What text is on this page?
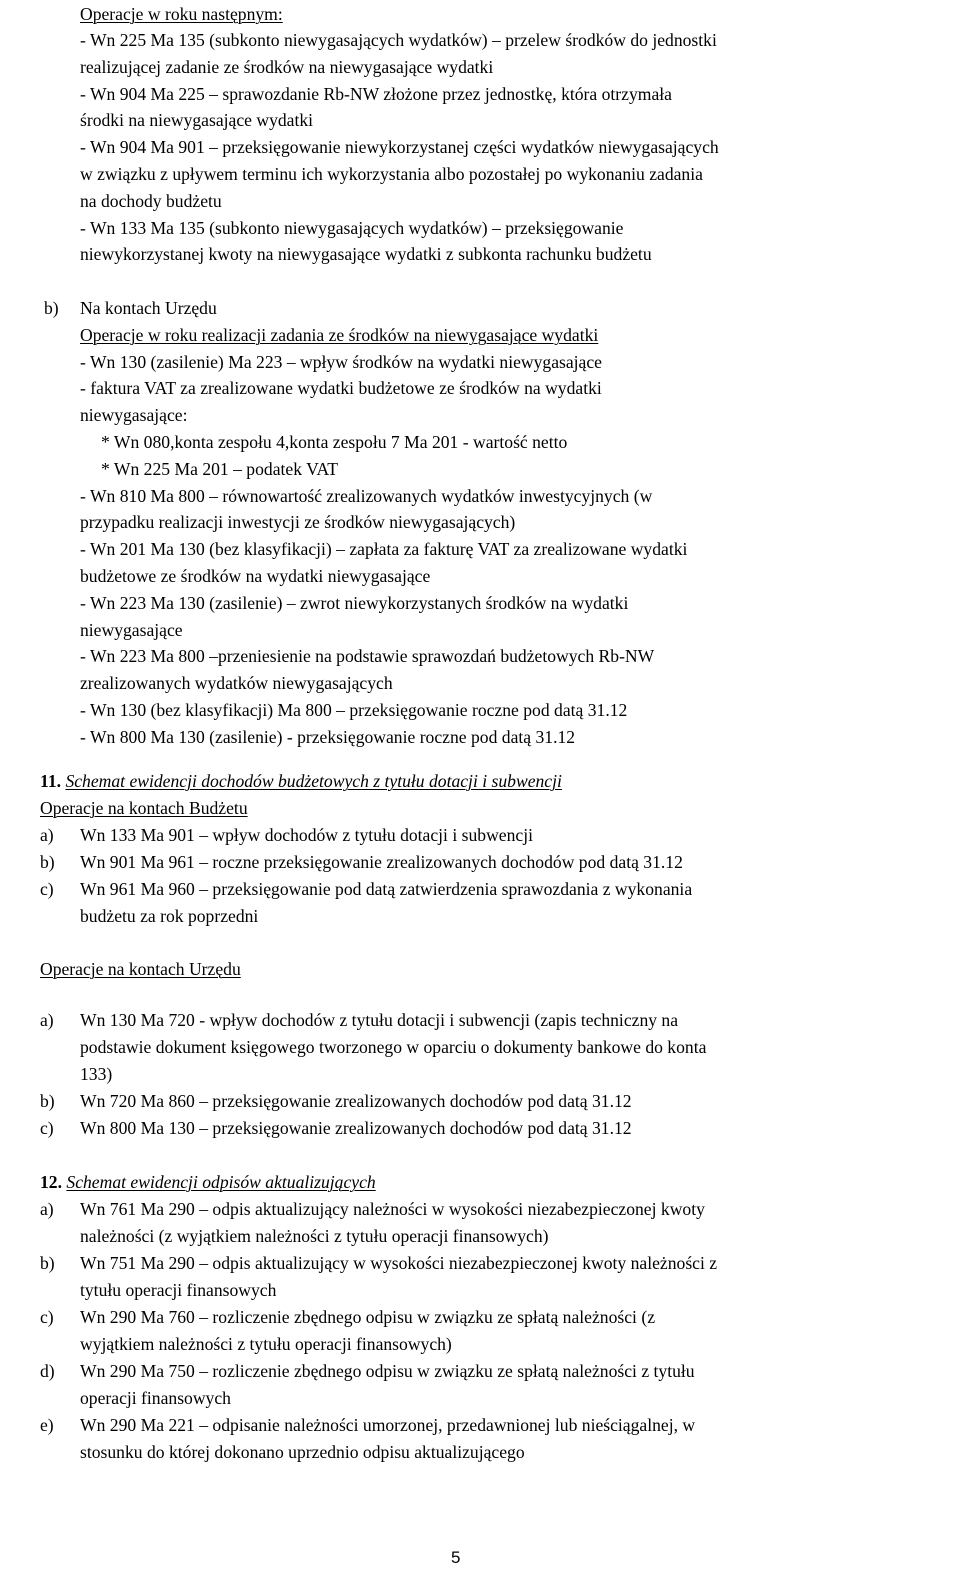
Operacje w roku następnym:
- Wn 225 Ma 135 (subkonto niewygasających wydatków) – przelew środków do jednostki
realizującej zadanie ze środków na niewygasające wydatki
- Wn 904 Ma 225 – sprawozdanie Rb-NW złożone przez jednostkę, która otrzymała
środki na niewygasające wydatki
- Wn 904 Ma 901 – przeksięgowanie niewykorzystanej części wydatków niewygasających
w związku z upływem terminu ich wykorzystania albo pozostałej po wykonaniu zadania
na dochody budżetu
- Wn 133 Ma 135 (subkonto niewygasających wydatków) – przeksięgowanie
niewykorzystanej kwoty na niewygasające wydatki z subkonta rachunku budżetu
b) Na kontach Urzędu
Operacje w roku realizacji zadania ze środków na niewygasające wydatki
- Wn 130 (zasilenie) Ma 223 – wpływ środków na wydatki niewygasające
- faktura VAT za zrealizowane wydatki budżetowe ze środków na wydatki
niewygasające:
* Wn 080,konta zespołu 4,konta zespołu 7 Ma 201 - wartość netto
* Wn 225 Ma 201 – podatek VAT
- Wn 810 Ma 800 – równowartość zrealizowanych wydatków inwestycyjnych (w
przypadku realizacji inwestycji ze środków niewygasających)
- Wn 201 Ma 130 (bez klasyfikacji) – zapłata za fakturę VAT za zrealizowane wydatki
budżetowe ze środków na wydatki niewygasające
- Wn 223 Ma 130 (zasilenie) – zwrot niewykorzystanych środków na wydatki
niewygasające
- Wn 223 Ma 800 –przeniesienie na podstawie sprawozdań budżetowych Rb-NW
zrealizowanych wydatków niewygasających
- Wn 130 (bez klasyfikacji) Ma 800 – przeksięgowanie roczne pod datą 31.12
- Wn 800 Ma 130 (zasilenie) - przeksięgowanie roczne pod datą 31.12
11. Schemat ewidencji dochodów budżetowych z tytułu dotacji i subwencji
Operacje na kontach Budżetu
a) Wn 133 Ma 901 – wpływ dochodów z tytułu dotacji i subwencji
b) Wn 901 Ma 961 – roczne przeksięgowanie zrealizowanych dochodów pod datą 31.12
c) Wn 961 Ma 960 – przeksięgowanie pod datą zatwierdzenia sprawozdania z wykonania
budżetu za rok poprzedni
Operacje na kontach Urzędu
a) Wn 130 Ma 720 - wpływ dochodów z tytułu dotacji i subwencji (zapis techniczny na
podstawie dokument księgowego tworzonego w oparciu o dokumenty bankowe do konta
133)
b) Wn 720 Ma 860 – przeksięgowanie zrealizowanych dochodów pod datą 31.12
c) Wn 800 Ma 130 – przeksięgowanie zrealizowanych dochodów pod datą 31.12
12. Schemat ewidencji odpisów aktualizujących
a) Wn 761 Ma 290 – odpis aktualizujący należności w wysokości niezabezpieczonej kwoty
należności (z wyjątkiem należności z tytułu operacji finansowych)
b) Wn 751 Ma 290 – odpis aktualizujący w wysokości niezabezpieczonej kwoty należności z
tytułu operacji finansowych
c) Wn 290 Ma 760 – rozliczenie zbędnego odpisu w związku ze spłatą należności (z
wyjątkiem należności z tytułu operacji finansowych)
d) Wn 290 Ma 750 – rozliczenie zbędnego odpisu w związku ze spłatą należności z tytułu
operacji finansowych
e) Wn 290 Ma 221 – odpisanie należności umorzonej, przedawnionej lub nieściągalnej, w
stosunku do której dokonano uprzednio odpisu aktualizującego
5
